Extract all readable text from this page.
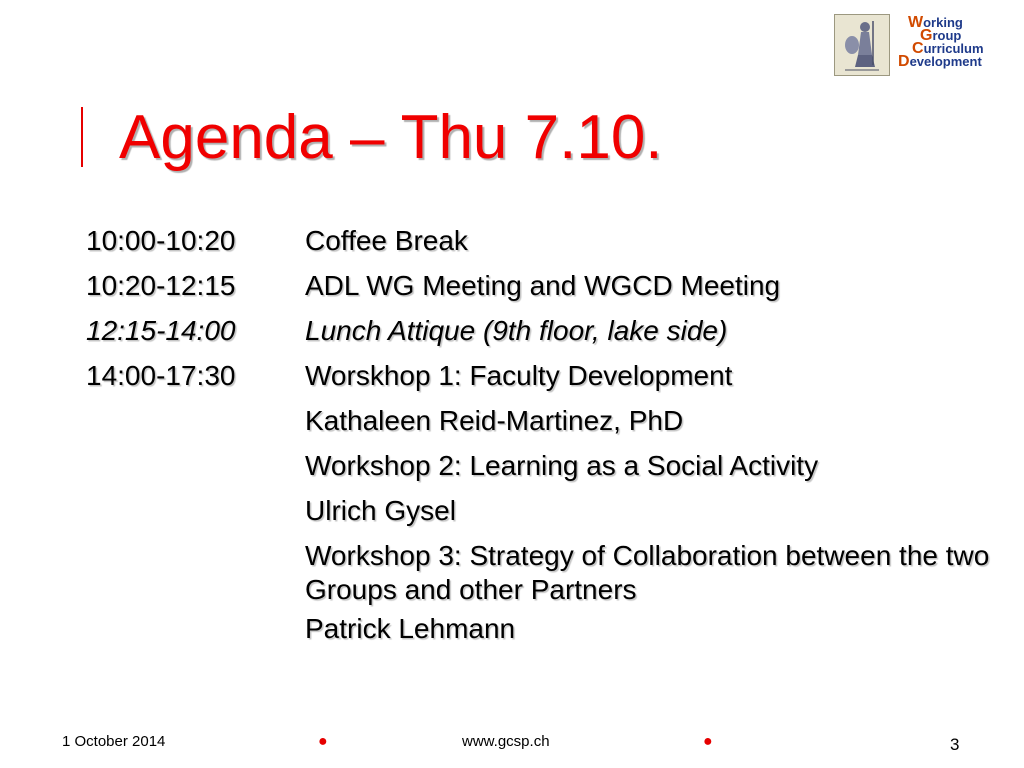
Working
Group
Curriculum
Development
Agenda – Thu 7.10.
10:00-10:20	Coffee Break
10:20-12:15	ADL WG Meeting and WGCD Meeting
12:15-14:00	Lunch Attique (9th floor, lake side)
14:00-17:30	Worskhop 1: Faculty Development
Kathaleen Reid-Martinez, PhD
Workshop 2: Learning as a Social Activity
Ulrich Gysel
Workshop 3: Strategy of Collaboration between the two Groups and other Partners
Patrick Lehmann
1 October 2014	●	www.gcsp.ch	●	3
